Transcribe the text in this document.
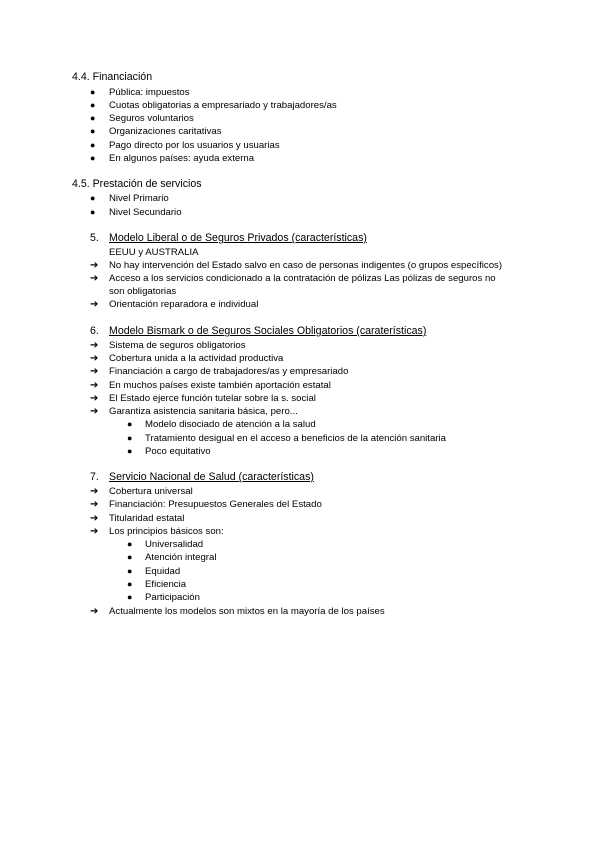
4.4. Financiación
● Pública: impuestos
● Cuotas obligatorias a empresariado y trabajadores/as
● Seguros voluntarios
● Organizaciones caritativas
● Pago directo por los usuarios y usuarias
● En algunos países: ayuda externa
4.5. Prestación de servicios
● Nivel Primario
● Nivel Secundario
5. Modelo Liberal o de Seguros Privados (características)
EEUU y AUSTRALIA
➔ No hay intervención del Estado salvo en caso de personas indigentes (o grupos específicos)
➔ Acceso a los servicios condicionado a la contratación de pólizas Las pólizas de seguros no
son obligatorias
➔ Orientación reparadora e individual
6. Modelo Bismark o de Seguros Sociales Obligatorios (caraterísticas)
➔ Sistema de seguros obligatorios
➔ Cobertura unida a la actividad productiva
➔ Financiación a cargo de trabajadores/as y empresariado
➔ En muchos países existe también aportación estatal
➔ El Estado ejerce función tutelar sobre la s. social
➔ Garantiza asistencia sanitaria básica, pero...
● Modelo disociado de atención a la salud
● Tratamiento desigual en el acceso a beneficios de la atención sanitaria
● Poco equitativo
7. Servicio Nacional de Salud (características)
➔ Cobertura universal
➔ Financiación: Presupuestos Generales del Estado
➔ Titularidad estatal
➔ Los principios básicos son:
● Universalidad
● Atención integral
● Equidad
● Eficiencia
● Participación
➔ Actualmente los modelos son mixtos en la mayoría de los países
